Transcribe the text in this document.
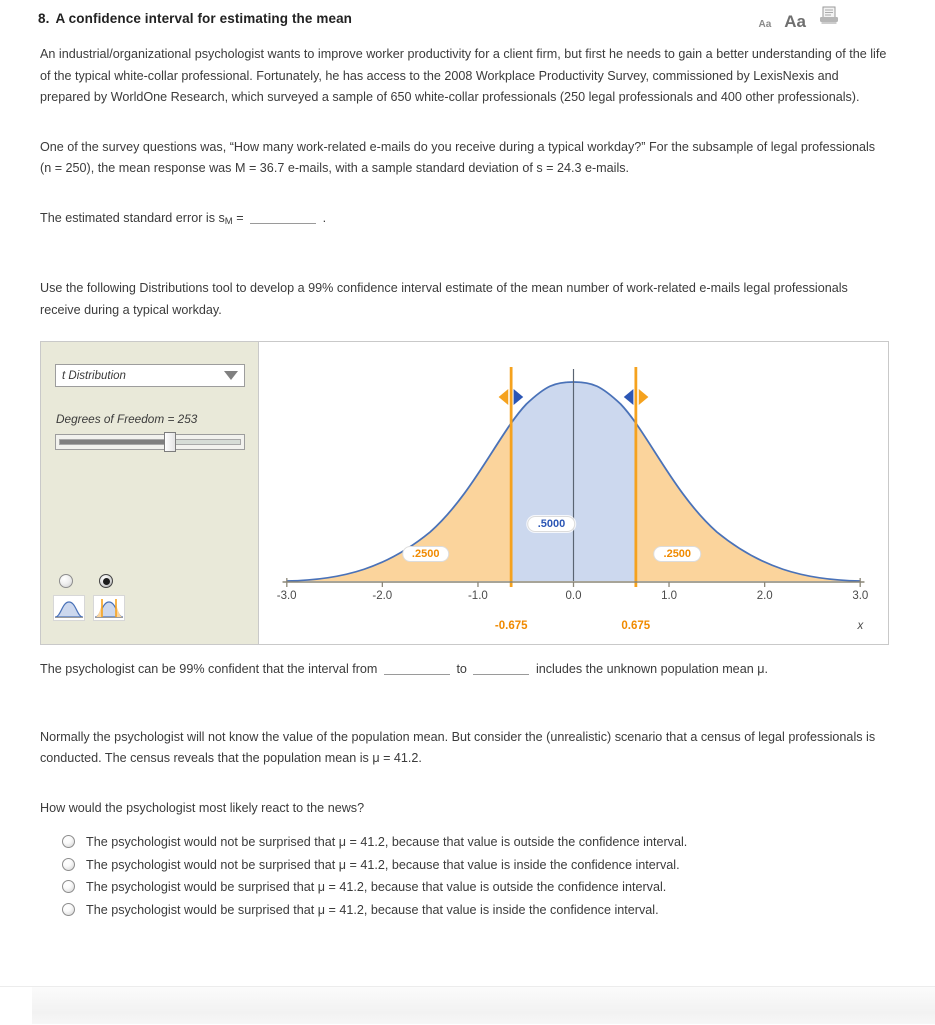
8. A confidence interval for estimating the mean	Aa Aa

An industrial/organizational psychologist wants to improve worker productivity for a client firm, but first he needs to gain a better understanding of the life of the typical white-collar professional. Fortunately, he has access to the 2008 Workplace Productivity Survey, commissioned by LexisNexis and prepared by WorldOne Research, which surveyed a sample of 650 white-collar professionals (250 legal professionals and 400 other professionals).

One of the survey questions was, “How many work-related e-mails do you receive during a typical workday?” For the subsample of legal professionals (n = 250), the mean response was M = 36.7 e-mails, with a sample standard deviation of s = 24.3 e-mails.

The estimated standard error is $s_M$ =	.

Use the following Distributions tool to develop a 99% confidence interval estimate of the mean number of work-related e-mails legal professionals receive during a typical workday.

t Distribution
Degrees of Freedom = 253
.5000
.2500	.2500
-3.0	-2.0	-1.0	0.0	1.0	2.0	3.0
-0.675	0.675	x

The psychologist can be 99% confident that the interval from	to	includes the unknown population mean μ.

Normally the psychologist will not know the value of the population mean. But consider the (unrealistic) scenario that a census of legal professionals is conducted. The census reveals that the population mean is μ = 41.2.

How would the psychologist most likely react to the news?

The psychologist would not be surprised that μ = 41.2, because that value is outside the confidence interval.
The psychologist would not be surprised that μ = 41.2, because that value is inside the confidence interval.
The psychologist would be surprised that μ = 41.2, because that value is outside the confidence interval.
The psychologist would be surprised that μ = 41.2, because that value is inside the confidence interval.
